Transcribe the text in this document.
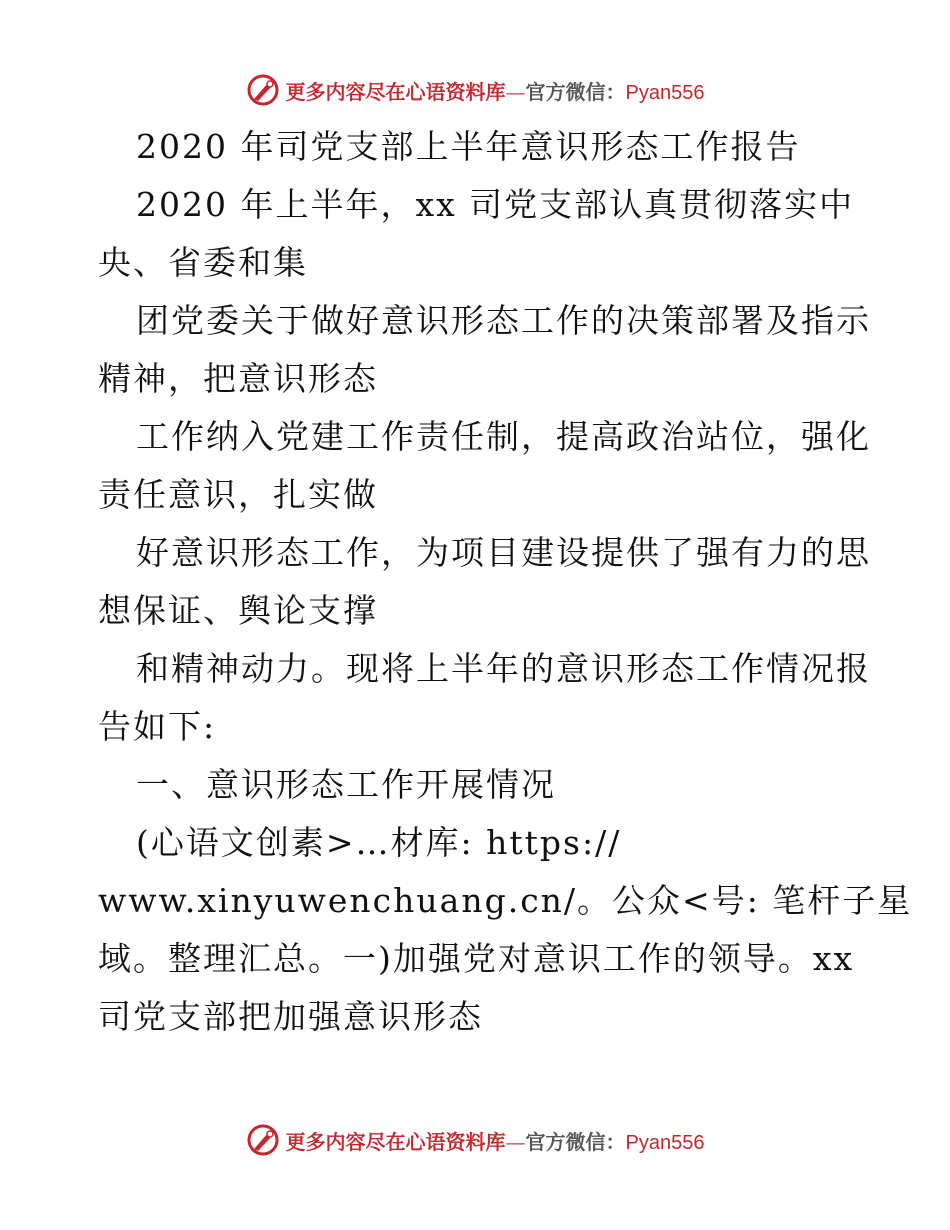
更多内容尽在心语资料库—官方微信：Pyan556
2020 年司党支部上半年意识形态工作报告
2020 年上半年，xx 司党支部认真贯彻落实中
央、省委和集
团党委关于做好意识形态工作的决策部署及指示
精神，把意识形态
工作纳入党建工作责任制，提高政治站位，强化
责任意识，扎实做
好意识形态工作，为项目建设提供了强有力的思
想保证、舆论支撑
和精神动力。现将上半年的意识形态工作情况报
告如下:
一、意识形态工作开展情况
(心语文创素>…材库: https://
www.xinyuwenchuang.cn/。公众<号: 笔杆子星
域。整理汇总。一)加强党对意识工作的领导。xx
司党支部把加强意识形态
更多内容尽在心语资料库—官方微信：Pyan556
